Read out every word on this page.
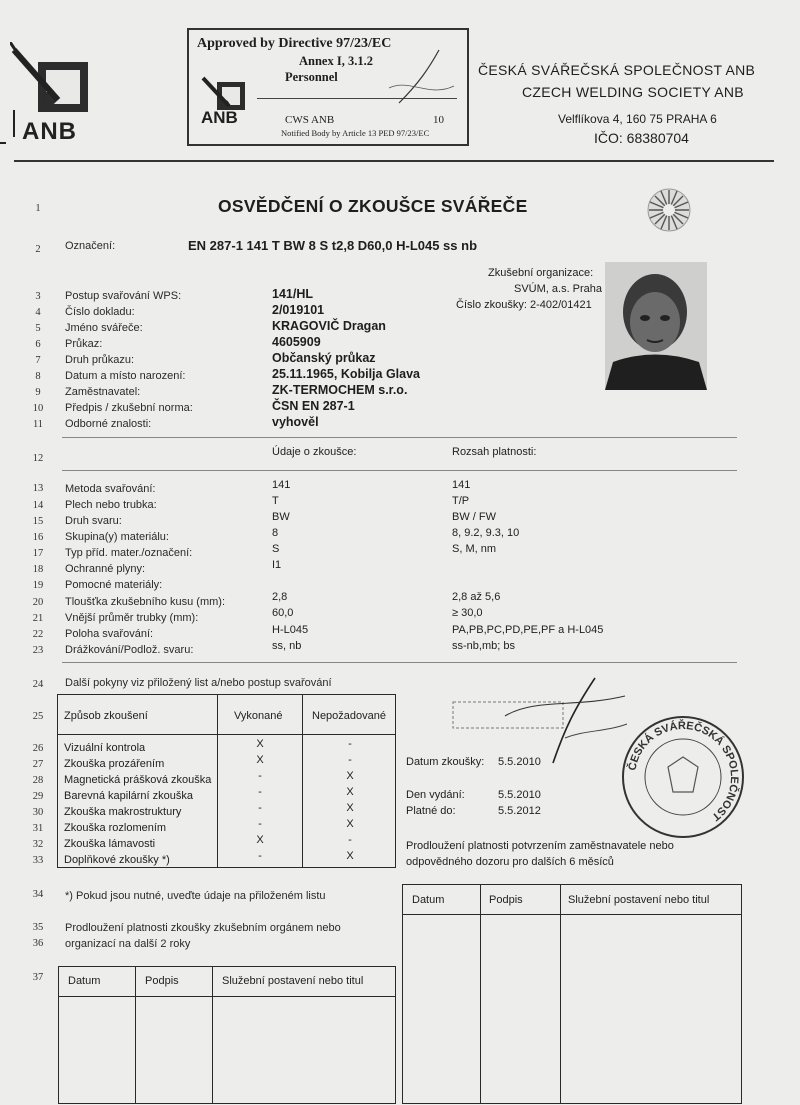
ANB
Approved by Directive 97/23/EC
Annex I, 3.1.2
Personnel
ANB	CWS ANB	10
Notified Body by Article 13 PED 97/23/EC
ČESKÁ SVÁŘEČSKÁ SPOLEČNOST ANB
CZECH WELDING SOCIETY ANB
Velflíkova 4, 160 75 PRAHA 6
IČO: 68380704
1
2
3
4
5
6
7
8
9
10
11
12
13
14
15
16
17
18
19
20
21
22
23
24
25
26
27
28
29
30
31
32
33
34
35
36
37
OSVĚDČENÍ O ZKOUŠCE SVÁŘEČE
Označení:	EN 287-1 141 T BW 8 S t2,8 D60,0 H-L045 ss nb
Zkušební organizace:
SVÚM, a.s. Praha
Číslo zkoušky: 2-402/01421
Postup svařování WPS:	141/HL
Číslo dokladu:	2/019101
Jméno svářeče:	KRAGOVIČ Dragan
Průkaz:	4605909
Druh průkazu:	Občanský průkaz
Datum a místo narození:	25.11.1965, Kobilja Glava
Zaměstnavatel:	ZK-TERMOCHEM s.r.o.
Předpis / zkušební norma:	ČSN EN 287-1
Odborné znalosti:	vyhověl
Údaje o zkoušce:	Rozsah platnosti:
Metoda svařování:	141	141
Plech nebo trubka:	T	T/P
Druh svaru:	BW	BW / FW
Skupina(y) materiálu:	8	8, 9.2, 9.3, 10
Typ příd. mater./označení:	S	S, M, nm
Ochranné plyny:	I1
Pomocné materiály:
Tloušťka zkušebního kusu (mm):	2,8	2,8 až 5,6
Vnější průměr trubky (mm):	60,0	≥ 30,0
Poloha svařování:	H-L045	PA,PB,PC,PD,PE,PF a H-L045
Drážkování/Podlož. svaru:	ss, nb	ss-nb,mb; bs
Další pokyny viz přiložený list a/nebo postup svařování
Způsob zkoušení	Vykonané	Nepožadované
Vizuální kontrola	X	-
Zkouška prozářením	X	-
Magnetická prášková zkouška	-	X
Barevná kapilární zkouška	-	X
Zkouška makrostruktury	-	X
Zkouška rozlomením	-	X
Zkouška lámavosti	X	-
Doplňkové zkoušky *)	-	X
Datum zkoušky: 5.5.2010
Den vydání:	5.5.2010
Platné do:	5.5.2012
Prodloužení platnosti potvrzením zaměstnavatele nebo
odpovědného dozoru pro dalších 6 měsíců
ČESKÁ SVÁŘEČSKÁ SPOLEČNOST
*) Pokud jsou nutné, uveďte údaje na přiloženém listu
Prodloužení platnosti zkoušky zkušebním orgánem nebo
organizací na další 2 roky
Datum	Podpis	Služební postavení nebo titul
Datum	Podpis	Služební postavení nebo titul
